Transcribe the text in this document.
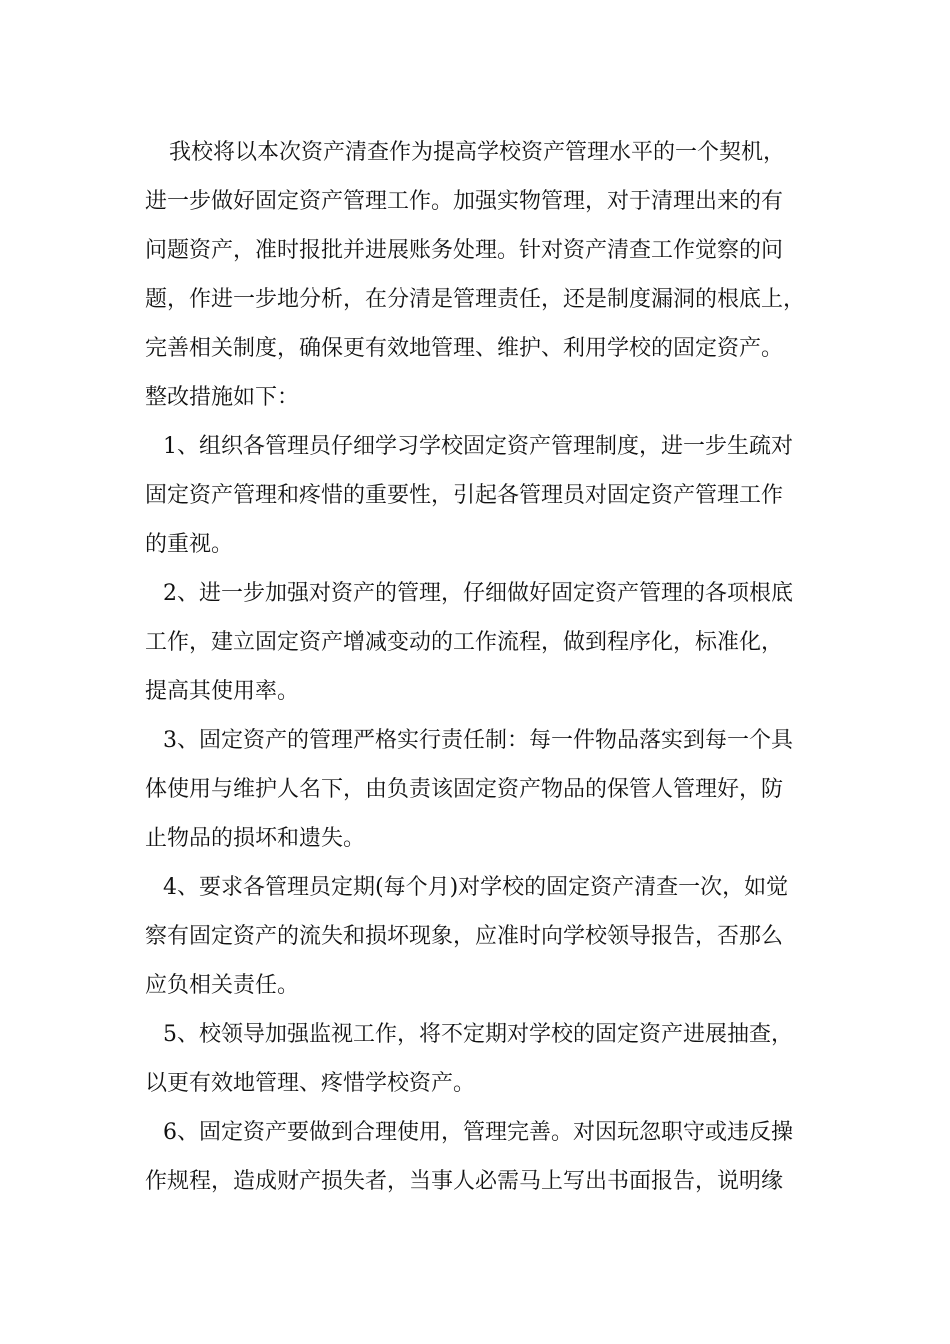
我校将以本次资产清查作为提高学校资产管理水平的一个契机，
进一步做好固定资产管理工作。加强实物管理，对于清理出来的有
问题资产，准时报批并进展账务处理。针对资产清查工作觉察的问
题，作进一步地分析，在分清是管理责任，还是制度漏洞的根底上，
完善相关制度，确保更有效地管理、维护、利用学校的固定资产。
整改措施如下：
1、组织各管理员仔细学习学校固定资产管理制度，进一步生疏对
固定资产管理和疼惜的重要性，引起各管理员对固定资产管理工作
的重视。
2、进一步加强对资产的管理，仔细做好固定资产管理的各项根底
工作，建立固定资产增减变动的工作流程，做到程序化，标准化，
提高其使用率。
3、固定资产的管理严格实行责任制：每一件物品落实到每一个具
体使用与维护人名下，由负责该固定资产物品的保管人管理好，防
止物品的损坏和遗失。
4、要求各管理员定期(每个月)对学校的固定资产清查一次，如觉
察有固定资产的流失和损坏现象，应准时向学校领导报告，否那么
应负相关责任。
5、校领导加强监视工作，将不定期对学校的固定资产进展抽查，
以更有效地管理、疼惜学校资产。
6、固定资产要做到合理使用，管理完善。对因玩忽职守或违反操
作规程，造成财产损失者，当事人必需马上写出书面报告，说明缘
